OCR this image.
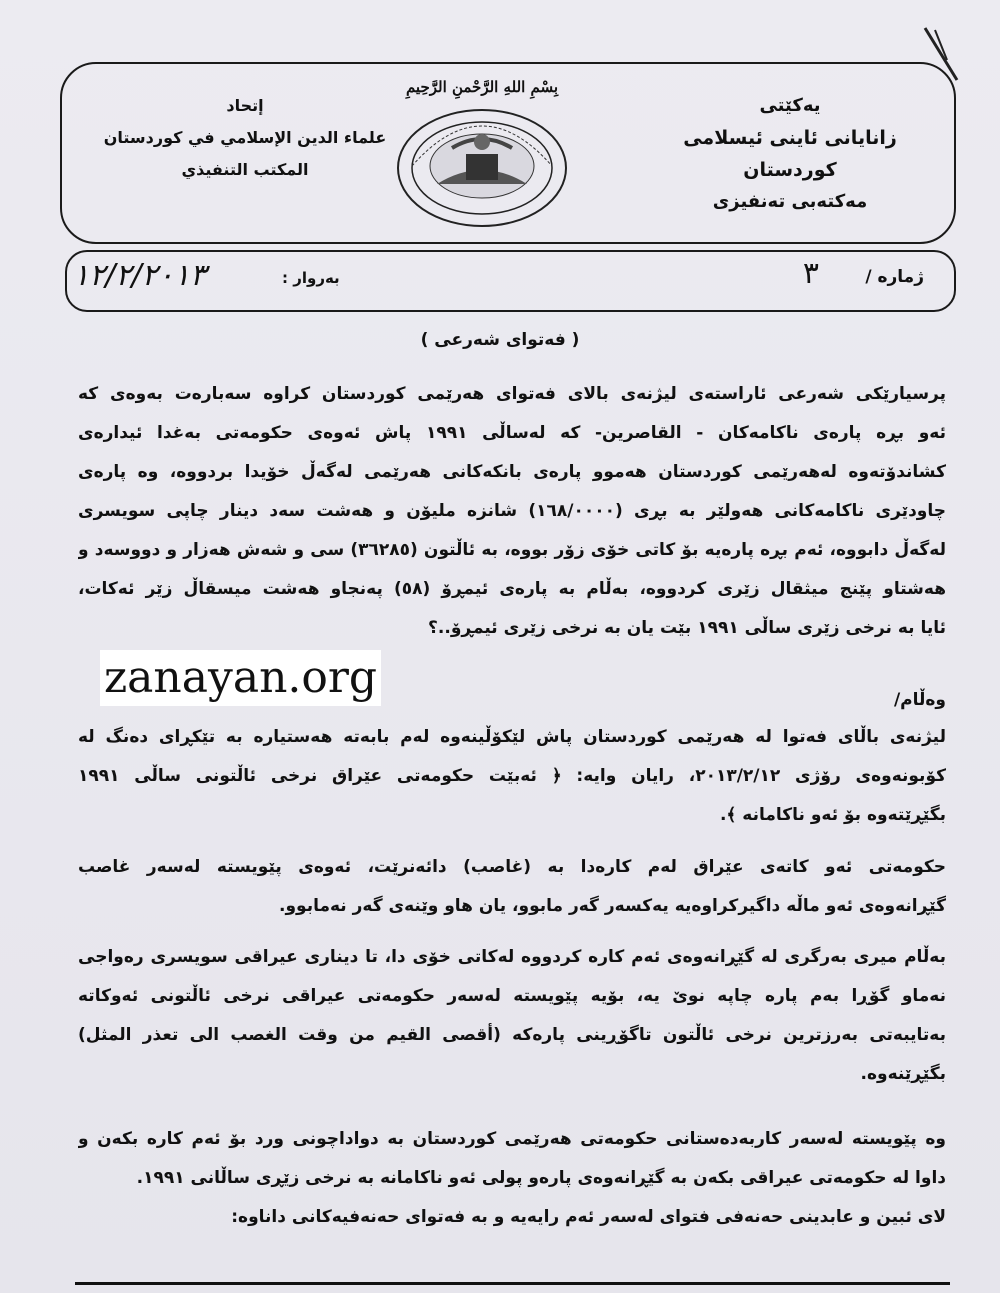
یەکێتی
زانایانی ئاینی ئیسلامی کوردستان
مەکتەبی تەنفیزی
إتحاد
علماء الدين الإسلامي في كوردستان
المكتب التنفيذي
بِسْمِ اللهِ الرَّحْمنِ الرَّحِيمِ
ژمارە /
٣
بەروار :
١٢/٢/٢٠١٣
( فەتوای شەرعی )
پرسیارێکی شەرعی ئاراستەی لیژنەی بالای فەتوای هەرێمی کوردستان کراوە سەبارەت بەوەی کە
ئەو بڕە پارەی ناکامەکان - القاصرین- کە لەساڵی ١٩٩١ پاش ئەوەی حکومەتی بەغدا ئیدارەی
کشاندۆتەوە لەهەرێمی کوردستان هەموو پارەی بانکەکانی هەرێمی لەگەڵ خۆیدا بردووە، وە پارەی
چاودێری ناکامەکانی هەولێر بە بڕی (١٦٨/٠٠٠٠) شانزە ملیۆن و هەشت سەد دینار چاپی سویسری
لەگەڵ دابووە، ئەم بڕە پارەیە بۆ کاتی خۆی زۆر بووە، بە ئاڵتون (٣٦٢٨٥) سی و شەش هەزار و دووسەد و
هەشتاو پێنج میثقال زێری کردووە، بەڵام بە پارەی ئیمڕۆ (٥٨) پەنجاو هەشت میسقاڵ زێر ئەکات،
ئایا بە نرخی زێری ساڵی ١٩٩١ بێت یان بە نرخی زێری ئیمڕۆ..؟
zanayan.org	وەڵام/
لیژنەی باڵای فەتوا لە هەرێمی کوردستان پاش لێکۆڵینەوە لەم بابەتە هەستیارە بە تێکڕای دەنگ لە
کۆبونەوەی رۆژی ٢٠١٣/٢/١٢، رایان وایە: ﴿ ئەبێت حکومەتی عێراق نرخی ئاڵتونی ساڵی ١٩٩١
بگێڕێتەوە بۆ ئەو ناکامانە ﴾.
حکومەتی ئەو کاتەی عێراق لەم کارەدا بە (غاصب) دائەنرێت، ئەوەی پێویستە لەسەر غاصب
گێڕانەوەی ئەو ماڵە داگیرکراوەیە یەکسەر گەر مابوو، یان هاو وێنەی گەر نەمابوو.
بەڵام میری بەرگری لە گێڕانەوەی ئەم کارە کردووە لەکاتی خۆی دا، تا دیناری عیراقی سویسری رەواجی
نەماو گۆڕا بەم پارە چاپە نوێ یە، بۆیە پێویستە لەسەر حکومەتی عیراقی نرخی ئاڵتونی ئەوکاتە
بەتایبەتی بەرزترین نرخی ئاڵتون تاگۆڕینی پارەکە (أقصى القيم من وقت الغصب الى تعذر المثل)
بگێڕێنەوە.
وە پێویستە لەسەر کاربەدەستانی حکومەتی هەرێمی کوردستان بە دواداچونی ورد بۆ ئەم کارە بکەن و
داوا لە حکومەتی عیراقی بکەن بە گێڕانەوەی پارەو پولی ئەو ناکامانە بە نرخی زێڕی ساڵانی ١٩٩١.
لای ئبین و عابدینی حەنەفی فتوای لەسەر ئەم رایەیە و بە فەتوای حەنەفیەکانی داناوە:
